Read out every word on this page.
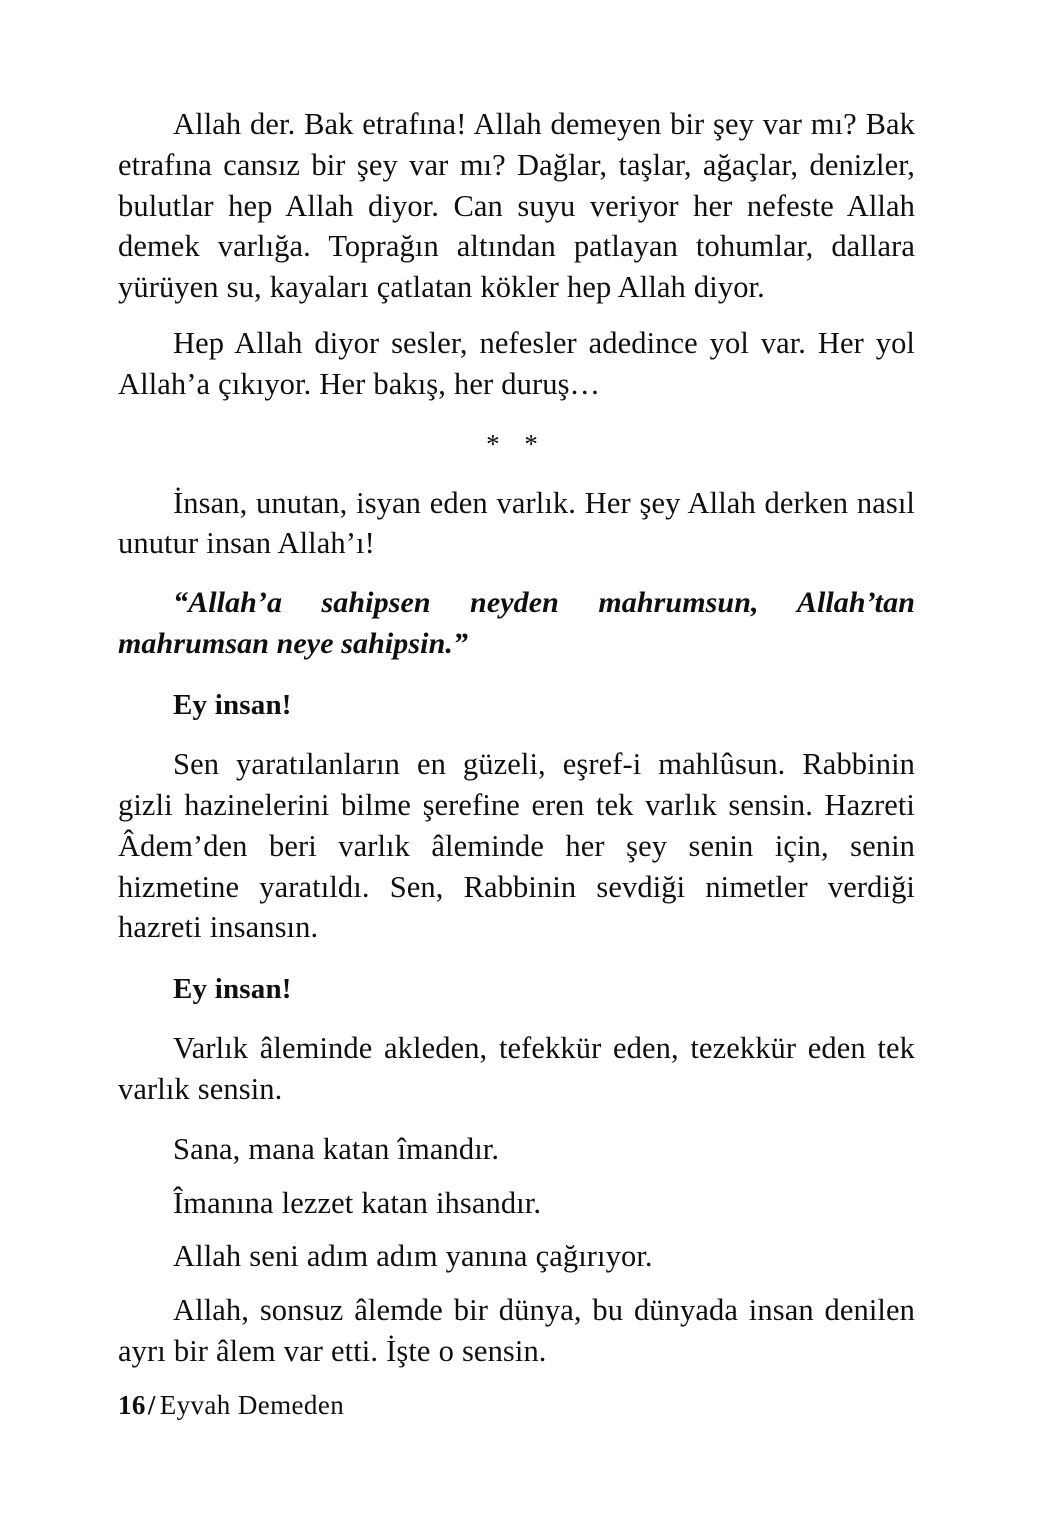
Allah der. Bak etrafına! Allah demeyen bir şey var mı? Bak etrafına cansız bir şey var mı? Dağlar, taşlar, ağaçlar, denizler, bulutlar hep Allah diyor. Can suyu veriyor her nefeste Allah demek varlığa. Toprağın altından patlayan tohumlar, dallara yürüyen su, kayaları çatlatan kökler hep Allah diyor.

Hep Allah diyor sesler, nefesler adedince yol var. Her yol Allah’a çıkıyor. Her bakış, her duruş…

* *

İnsan, unutan, isyan eden varlık. Her şey Allah derken nasıl unutur insan Allah’ı!

“Allah’a sahipsen neyden mahrumsun, Allah’tan mahrumsan neye sahipsin.”

Ey insan!

Sen yaratılanların en güzeli, eşref-i mahlûsun. Rabbinin gizli hazinelerini bilme şerefine eren tek varlık sensin. Hazreti Âdem’den beri varlık âleminde her şey senin için, senin hizmetine yaratıldı. Sen, Rabbinin sevdiği nimetler verdiği hazreti insansın.

Ey insan!

Varlık âleminde akleden, tefekkür eden, tezekkür eden tek varlık sensin.

Sana, mana katan îmandır.

Îmanına lezzet katan ihsandır.

Allah seni adım adım yanına çağırıyor.

Allah, sonsuz âlemde bir dünya, bu dünyada insan denilen ayrı bir âlem var etti. İşte o sensin.

16/ Eyvah Demeden
